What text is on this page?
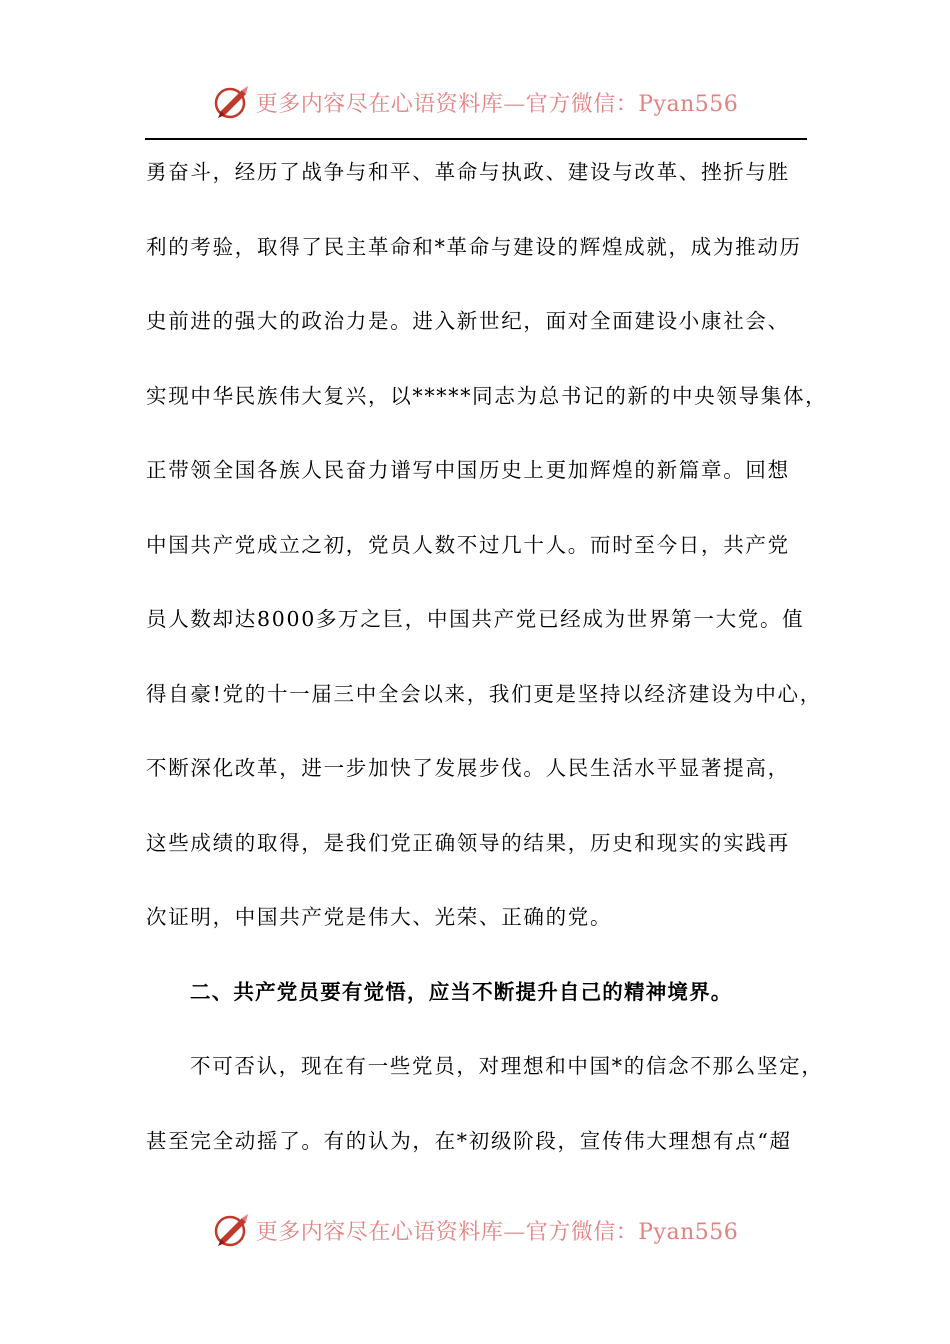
更多内容尽在心语资料库—官方微信：Pyan556
勇奋斗，经历了战争与和平、革命与执政、建设与改革、挫折与胜
利的考验，取得了民主革命和*革命与建设的辉煌成就，成为推动历
史前进的强大的政治力是。进入新世纪，面对全面建设小康社会、
实现中华民族伟大复兴，以*****同志为总书记的新的中央领导集体，
正带领全国各族人民奋力谱写中国历史上更加辉煌的新篇章。回想
中国共产党成立之初，党员人数不过几十人。而时至今日，共产党
员人数却达8000多万之巨，中国共产党已经成为世界第一大党。值
得自豪!党的十一届三中全会以来，我们更是坚持以经济建设为中心，
不断深化改革，进一步加快了发展步伐。人民生活水平显著提高，
这些成绩的取得，是我们党正确领导的结果，历史和现实的实践再
次证明，中国共产党是伟大、光荣、正确的党。
二、共产党员要有觉悟，应当不断提升自己的精神境界。
不可否认，现在有一些党员，对理想和中国*的信念不那么坚定，
甚至完全动摇了。有的认为，在*初级阶段，宣传伟大理想有点“超
更多内容尽在心语资料库—官方微信：Pyan556
